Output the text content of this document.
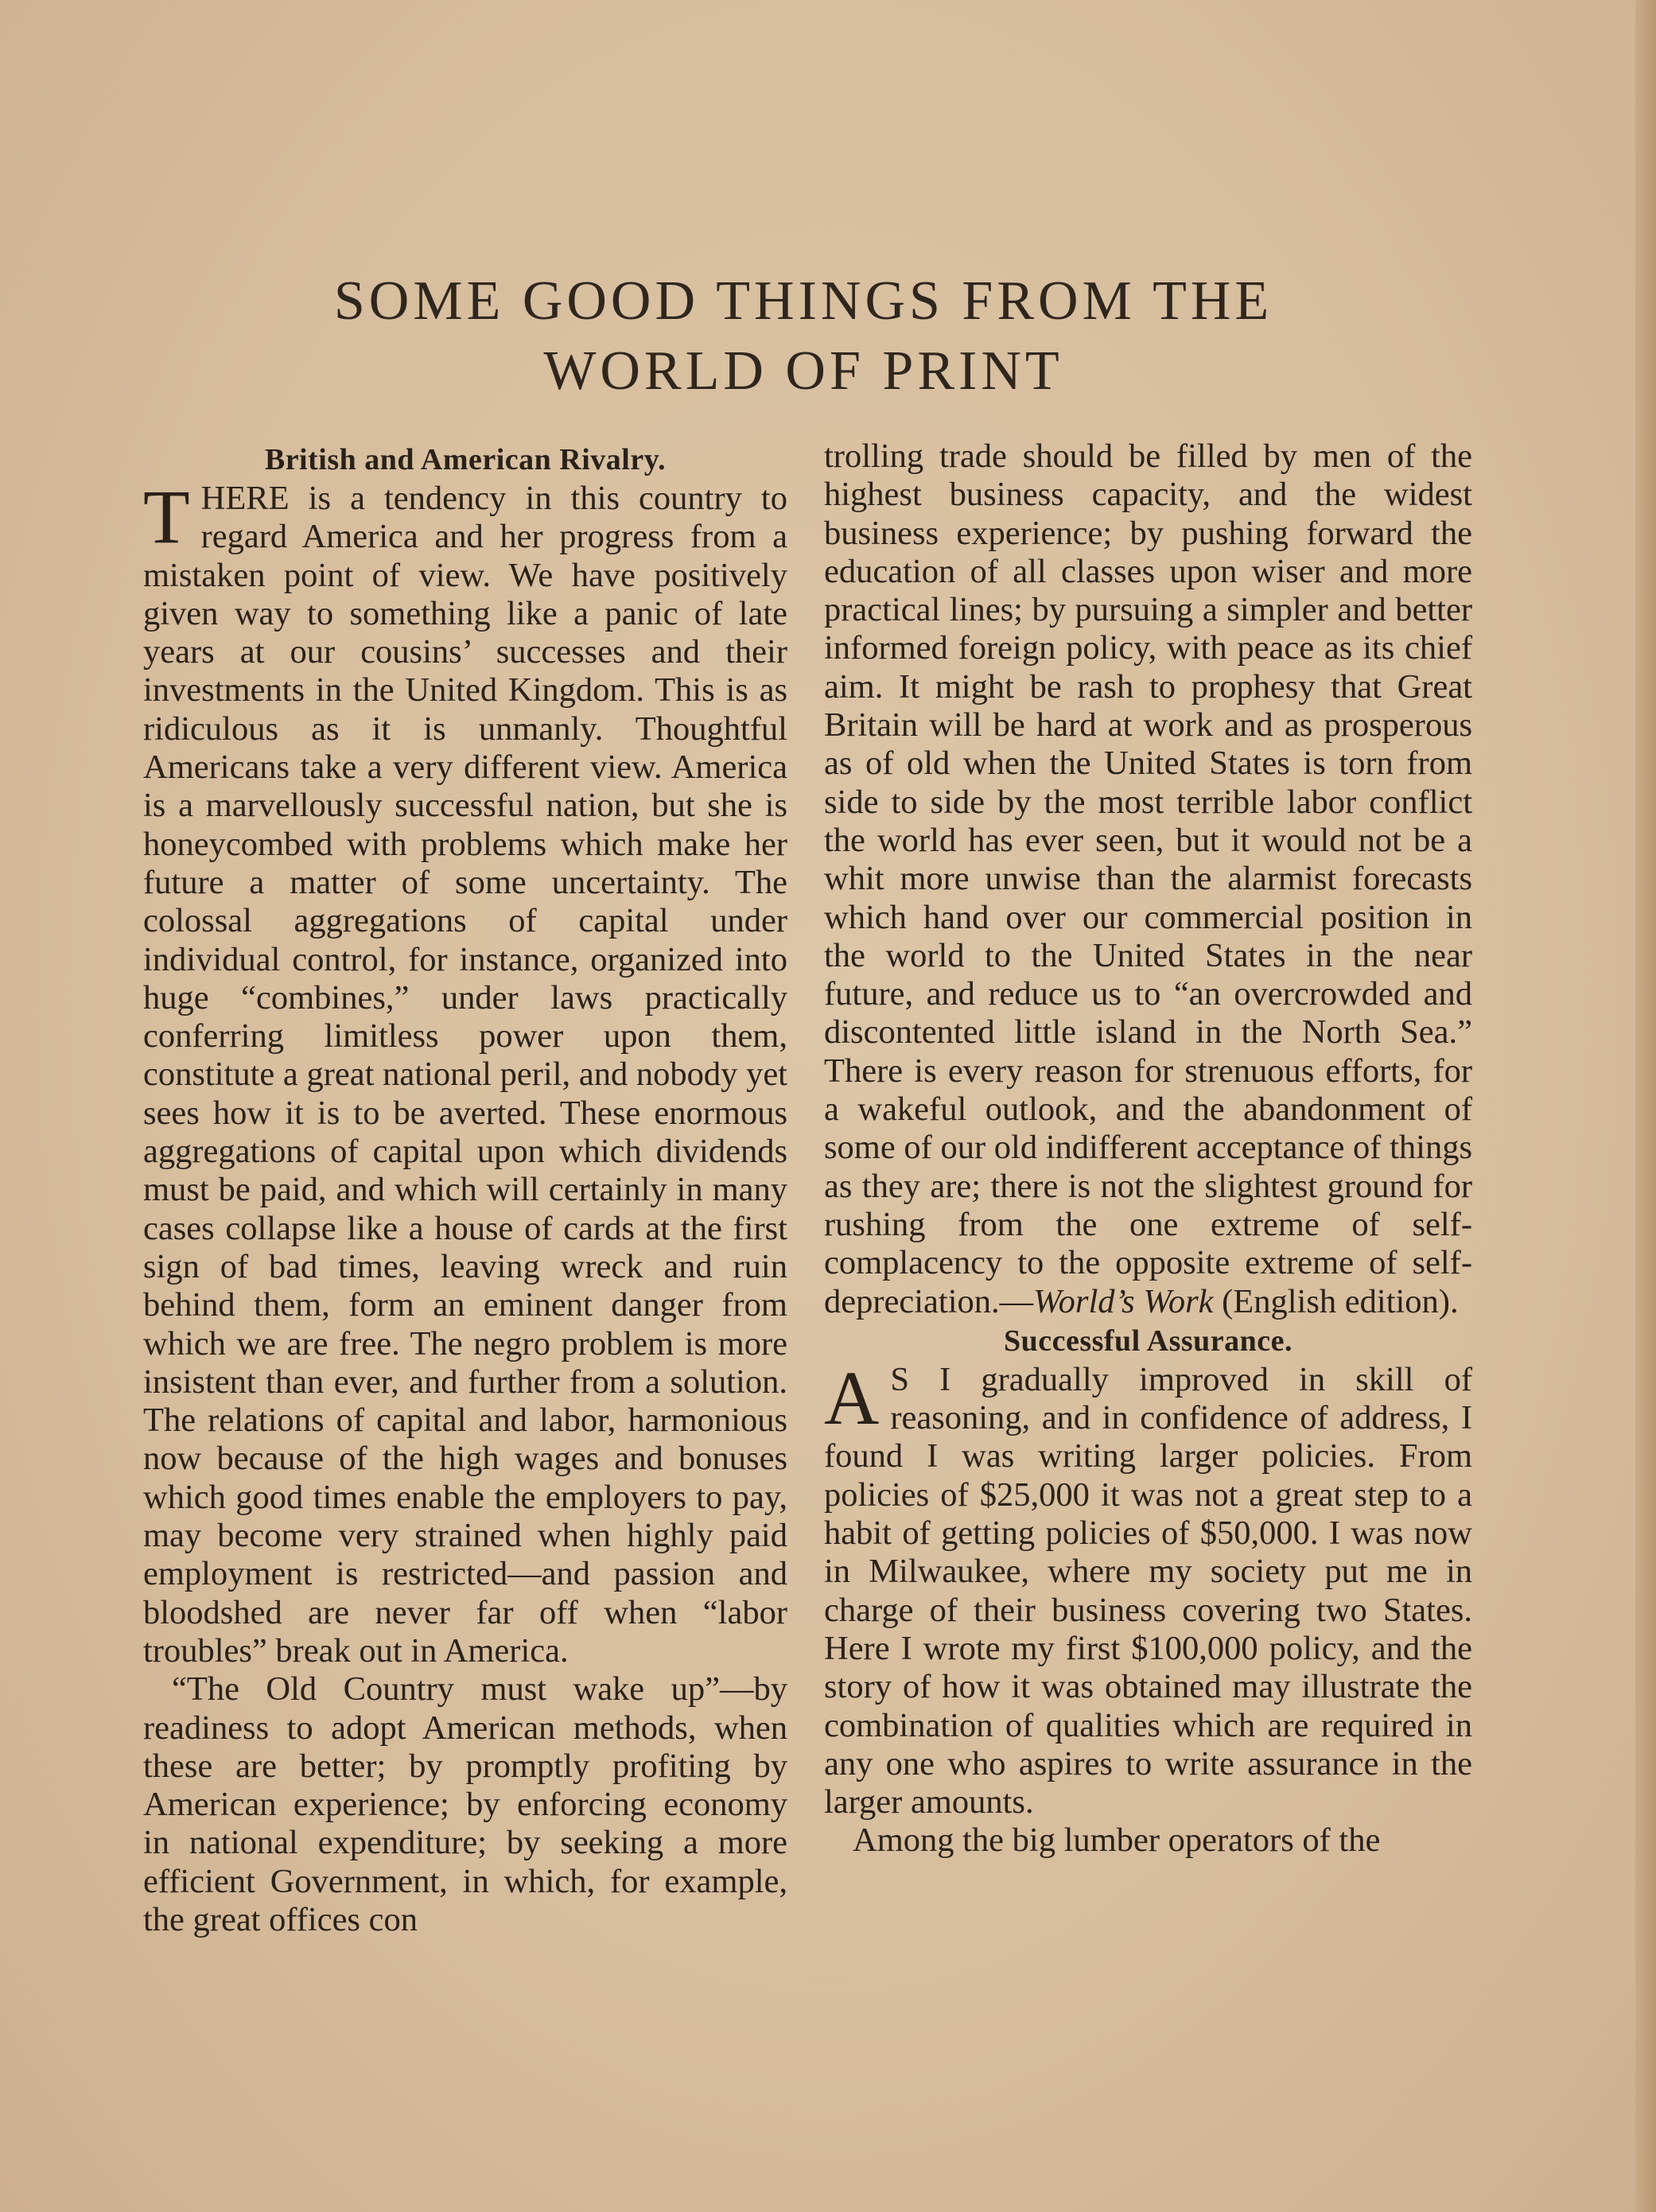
SOME GOOD THINGS FROM THE
WORLD OF PRINT

British and American Rivalry.

THERE is a tendency in this country to regard America and her progress from a mistaken point of view. We have positively given way to something like a panic of late years at our cousins’ successes and their investments in the United Kingdom. This is as ridiculous as it is unmanly. Thoughtful Americans take a very different view. America is a marvellously successful nation, but she is honeycombed with problems which make her future a matter of some uncertainty. The colossal aggregations of capital under individual control, for instance, organized into huge “combines,” under laws practically conferring limitless power upon them, constitute a great national peril, and nobody yet sees how it is to be averted. These enormous aggregations of capital upon which dividends must be paid, and which will certainly in many cases collapse like a house of cards at the first sign of bad times, leaving wreck and ruin behind them, form an eminent danger from which we are free. The negro problem is more insistent than ever, and further from a solution. The relations of capital and labor, harmonious now because of the high wages and bonuses which good times enable the employers to pay, may become very strained when highly paid employment is restricted—and passion and bloodshed are never far off when “labor troubles” break out in America.

“The Old Country must wake up”—by readiness to adopt American methods, when these are better; by promptly profiting by American experience; by enforcing economy in national expenditure; by seeking a more efficient Government, in which, for example, the great offices con

trolling trade should be filled by men of the highest business capacity, and the widest business experience; by pushing forward the education of all classes upon wiser and more practical lines; by pursuing a simpler and better informed foreign policy, with peace as its chief aim. It might be rash to prophesy that Great Britain will be hard at work and as prosperous as of old when the United States is torn from side to side by the most terrible labor conflict the world has ever seen, but it would not be a whit more unwise than the alarmist forecasts which hand over our commercial position in the world to the United States in the near future, and reduce us to “an overcrowded and discontented little island in the North Sea.” There is every reason for strenuous efforts, for a wakeful outlook, and the abandonment of some of our old indifferent acceptance of things as they are; there is not the slightest ground for rushing from the one extreme of self-complacency to the opposite extreme of self-depreciation.—World’s Work (English edition).

Successful Assurance.

A S I gradually improved in skill of reasoning, and in confidence of address, I found I was writing larger policies. From policies of $25,000 it was not a great step to a habit of getting policies of $50,000. I was now in Milwaukee, where my society put me in charge of their business covering two States. Here I wrote my first $100,000 policy, and the story of how it was obtained may illustrate the combination of qualities which are required in any one who aspires to write assurance in the larger amounts.

Among the big lumber operators of the
